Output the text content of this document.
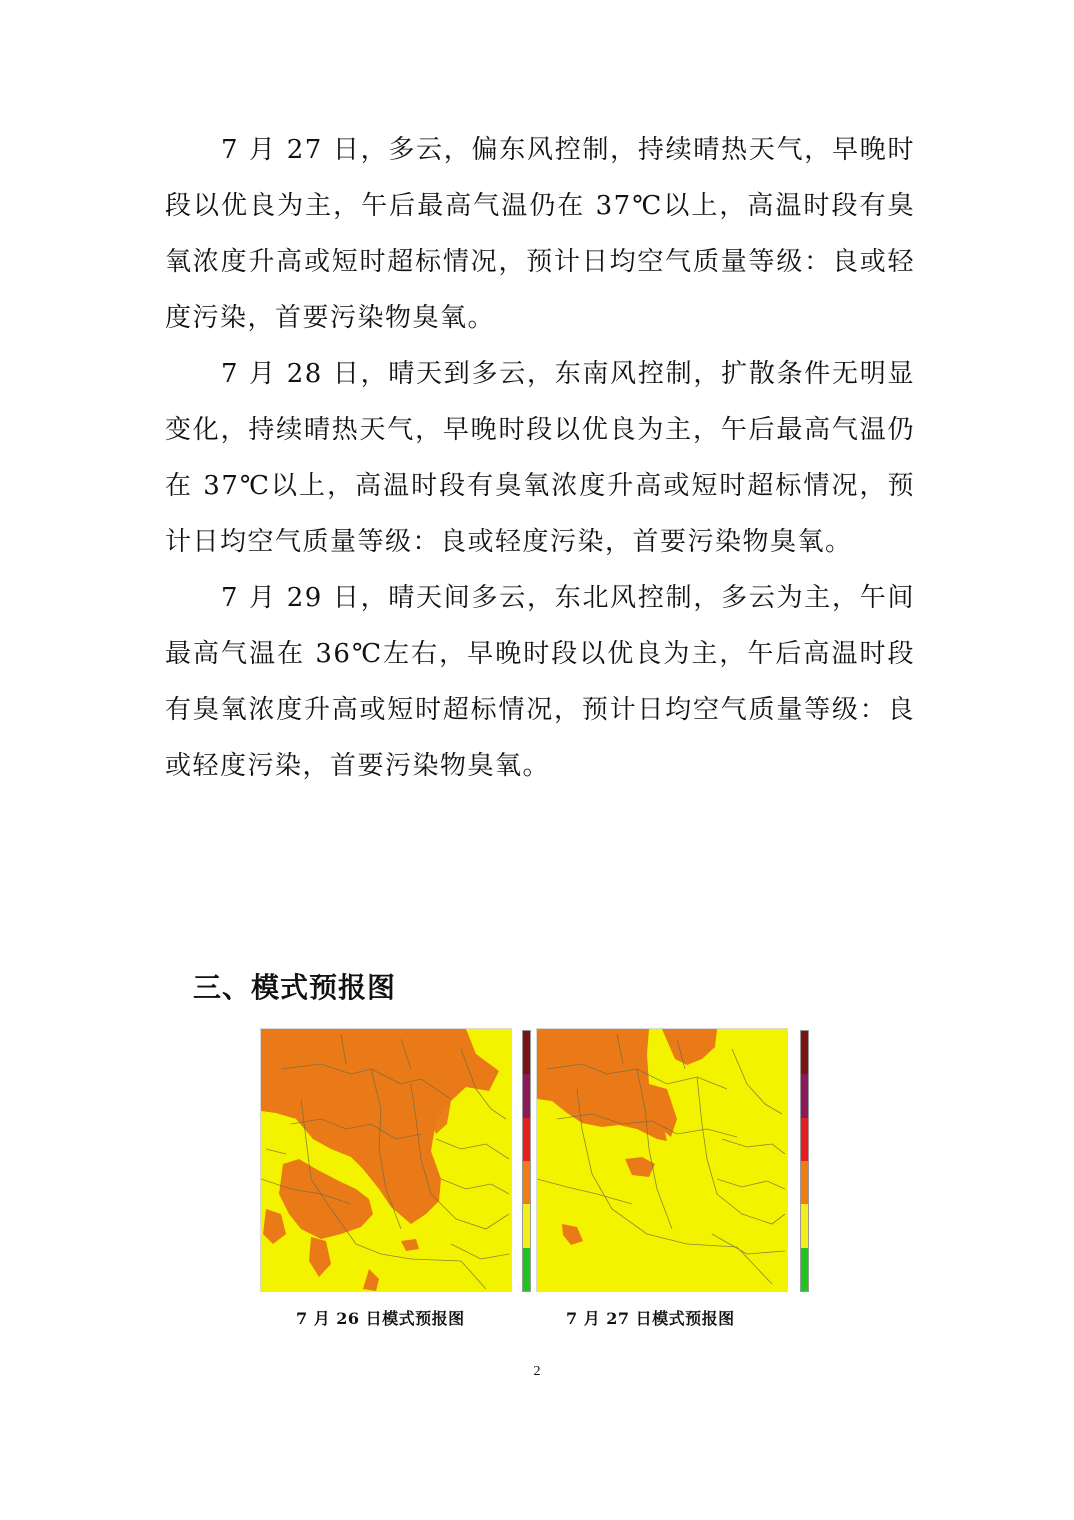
7 月 27 日，多云，偏东风控制，持续晴热天气，早晚时段以优良为主，午后最高气温仍在 37℃以上，高温时段有臭氧浓度升高或短时超标情况，预计日均空气质量等级：良或轻度污染，首要污染物臭氧。

7 月 28 日，晴天到多云，东南风控制，扩散条件无明显变化，持续晴热天气，早晚时段以优良为主，午后最高气温仍在 37℃以上，高温时段有臭氧浓度升高或短时超标情况，预计日均空气质量等级：良或轻度污染，首要污染物臭氧。

7 月 29 日，晴天间多云，东北风控制，多云为主，午间最高气温在 36℃左右，早晚时段以优良为主，午后高温时段有臭氧浓度升高或短时超标情况，预计日均空气质量等级：良或轻度污染，首要污染物臭氧。

三、模式预报图
7 月 26 日模式预报图	7 月 27 日模式预报图
2
